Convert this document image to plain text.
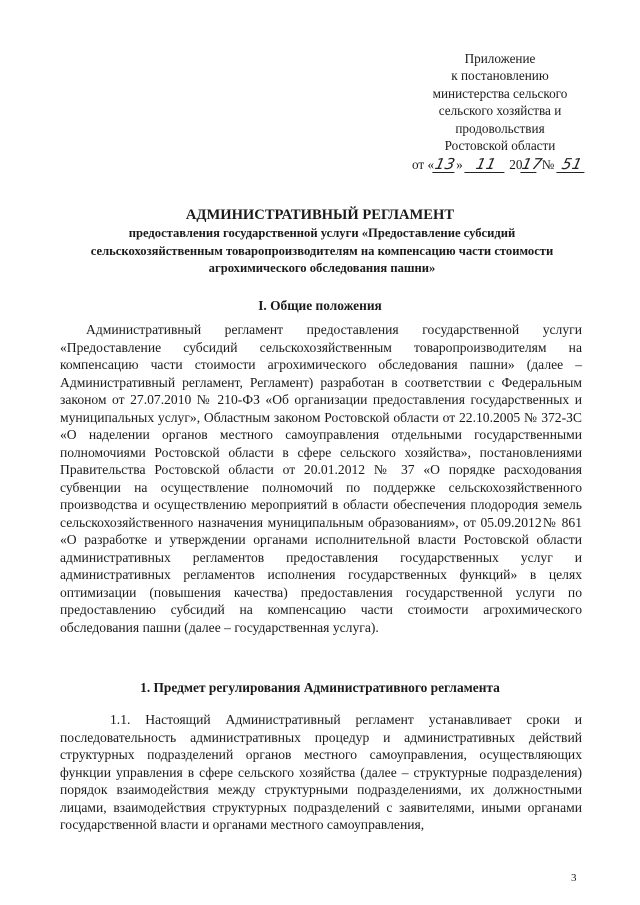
Приложение
к постановлению
министерства сельского
сельского хозяйства и
продовольствия
Ростовской области
от «13» 11 2017 № 51
АДМИНИСТРАТИВНЫЙ РЕГЛАМЕНТ
предоставления государственной услуги «Предоставление субсидий сельскохозяйственным товаропроизводителям на компенсацию части стоимости агрохимического обследования пашни»
I. Общие положения
Административный регламент предоставления государственной услуги «Предоставление субсидий сельскохозяйственным товаропроизводителям на компенсацию части стоимости агрохимического обследования пашни» (далее – Административный регламент, Регламент) разработан в соответствии с Федеральным законом от 27.07.2010 № 210-ФЗ «Об организации предоставления государственных и муниципальных услуг», Областным законом Ростовской области от 22.10.2005 № 372-ЗС «О наделении органов местного самоуправления отдельными государственными полномочиями Ростовской области в сфере сельского хозяйства», постановлениями Правительства Ростовской области от 20.01.2012 № 37 «О порядке расходования субвенции на осуществление полномочий по поддержке сельскохозяйственного производства и осуществлению мероприятий в области обеспечения плодородия земель сельскохозяйственного назначения муниципальным образованиям», от 05.09.2012№ 861 «О разработке и утверждении органами исполнительной власти Ростовской области административных регламентов предоставления государственных услуг и административных регламентов исполнения государственных функций» в целях оптимизации (повышения качества) предоставления государственной услуги по предоставлению субсидий на компенсацию части стоимости агрохимического обследования пашни (далее – государственная услуга).
1. Предмет регулирования Административного регламента
1.1. Настоящий Административный регламент устанавливает сроки и последовательность административных процедур и административных действий структурных подразделений органов местного самоуправления, осуществляющих функции управления в сфере сельского хозяйства (далее – структурные подразделения) порядок взаимодействия между структурными подразделениями, их должностными лицами, взаимодействия структурных подразделений с заявителями, иными органами государственной власти и органами местного самоуправления,
3
